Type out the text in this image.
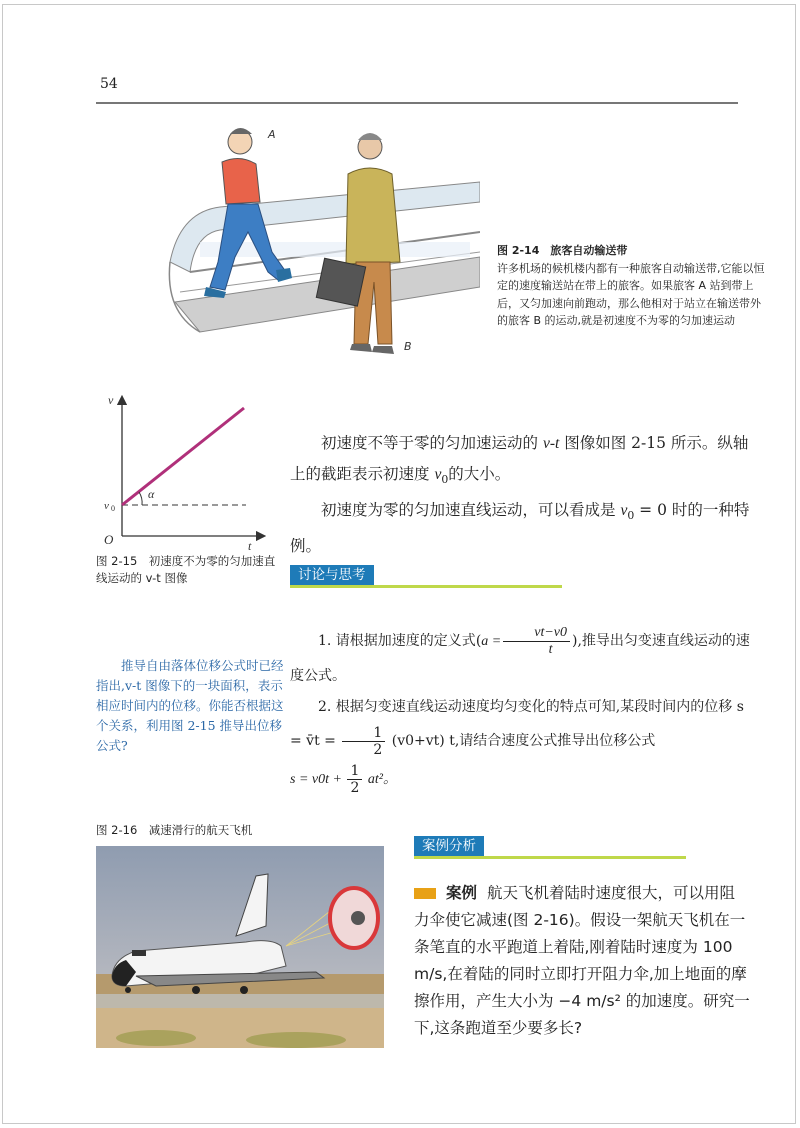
54
A
B
图 2-14　旅客自动输送带
许多机场的候机楼内都有一种旅客自动输送带,它能以恒定的速度输送站在带上的旅客。如果旅客 A 站到带上后，又匀加速向前跑动，那么他相对于站立在输送带外的旅客 B 的运动,就是初速度不为零的匀加速运动
v
t
O
v 0
α
图 2-15　初速度不为零的匀加速直线运动的 v-t 图像
初速度不等于零的匀加速运动的 v-t 图像如图 2-15 所示。纵轴上的截距表示初速度 $v_0$的大小。
初速度为零的匀加速直线运动，可以看成是 $v_0 = 0$ 时的一种特例。
讨论与思考
1. 请根据加速度的定义式($a = \frac{vt-v0}{t}$ ),推导出匀变速直线运动的速度公式。
2. 根据匀变速直线运动速度均匀变化的特点可知,某段时间内的位移 s = v̄t = $\frac{1}{2} (v0+vt)$ t,请结合速度公式推导出位移公式
$s = v0t + \frac{1}{2} at^2$。
推导自由落体位移公式时已经指出,v-t 图像下的一块面积，表示相应时间内的位移。你能否根据这个关系，利用图 2-15 推导出位移公式?
图 2-16　减速滑行的航天飞机
案例分析
案例 航天飞机着陆时速度很大，可以用阻力伞使它减速(图 2-16)。假设一架航天飞机在一条笔直的水平跑道上着陆,刚着陆时速度为 100 m/s,在着陆的同时立即打开阻力伞,加上地面的摩擦作用，产生大小为 −4 m/s² 的加速度。研究一下,这条跑道至少要多长?
